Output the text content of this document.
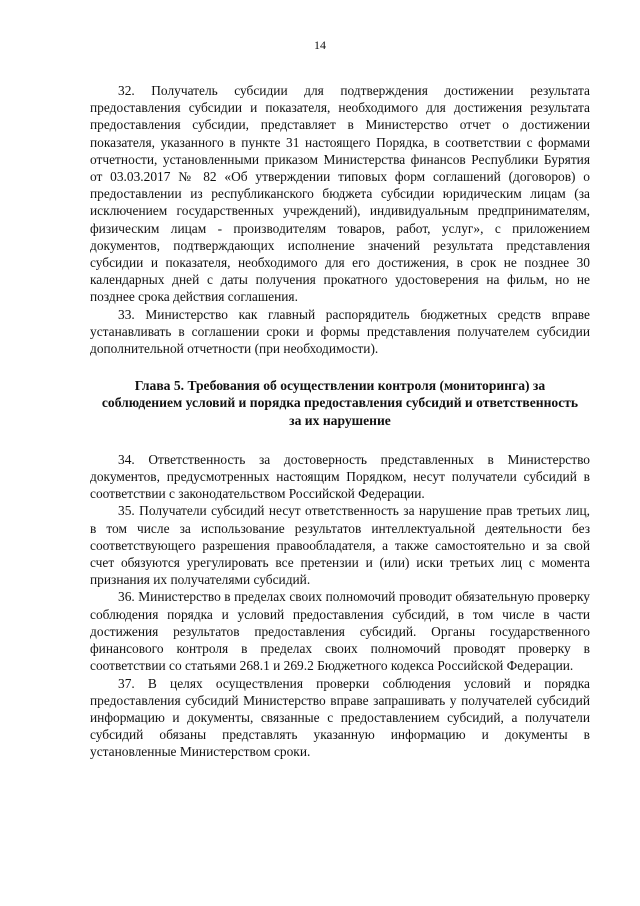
14

32. Получатель субсидии для подтверждения достижении результата предоставления субсидии и показателя, необходимого для достижения результата предоставления субсидии, представляет в Министерство отчет о достижении показателя, указанного в пункте 31 настоящего Порядка, в соответствии с формами отчетности, установленными приказом Министерства финансов Республики Бурятия от 03.03.2017 № 82 «Об утверждении типовых форм соглашений (договоров) о предоставлении из республиканского бюджета субсидии юридическим лицам (за исключением государственных учреждений), индивидуальным предпринимателям, физическим лицам - производителям товаров, работ, услуг», с приложением документов, подтверждающих исполнение значений результата представления субсидии и показателя, необходимого для его достижения, в срок не позднее 30 календарных дней с даты получения прокатного удостоверения на фильм, но не позднее срока действия соглашения.

33. Министерство как главный распорядитель бюджетных средств вправе устанавливать в соглашении сроки и формы представления получателем субсидии дополнительной отчетности (при необходимости).

Глава 5. Требования об осуществлении контроля (мониторинга) за соблюдением условий и порядка предоставления субсидий и ответственность за их нарушение

34. Ответственность за достоверность представленных в Министерство документов, предусмотренных настоящим Порядком, несут получатели субсидий в соответствии с законодательством Российской Федерации.

35. Получатели субсидий несут ответственность за нарушение прав третьих лиц, в том числе за использование результатов интеллектуальной деятельности без соответствующего разрешения правообладателя, а также самостоятельно и за свой счет обязуются урегулировать все претензии и (или) иски третьих лиц с момента признания их получателями субсидий.

36. Министерство в пределах своих полномочий проводит обязательную проверку соблюдения порядка и условий предоставления субсидий, в том числе в части достижения результатов предоставления субсидий. Органы государственного финансового контроля в пределах своих полномочий проводят проверку в соответствии со статьями 268.1 и 269.2 Бюджетного кодекса Российской Федерации.

37. В целях осуществления проверки соблюдения условий и порядка предоставления субсидий Министерство вправе запрашивать у получателей субсидий информацию и документы, связанные с предоставлением субсидий, а получатели субсидий обязаны представлять указанную информацию и документы в установленные Министерством сроки.
